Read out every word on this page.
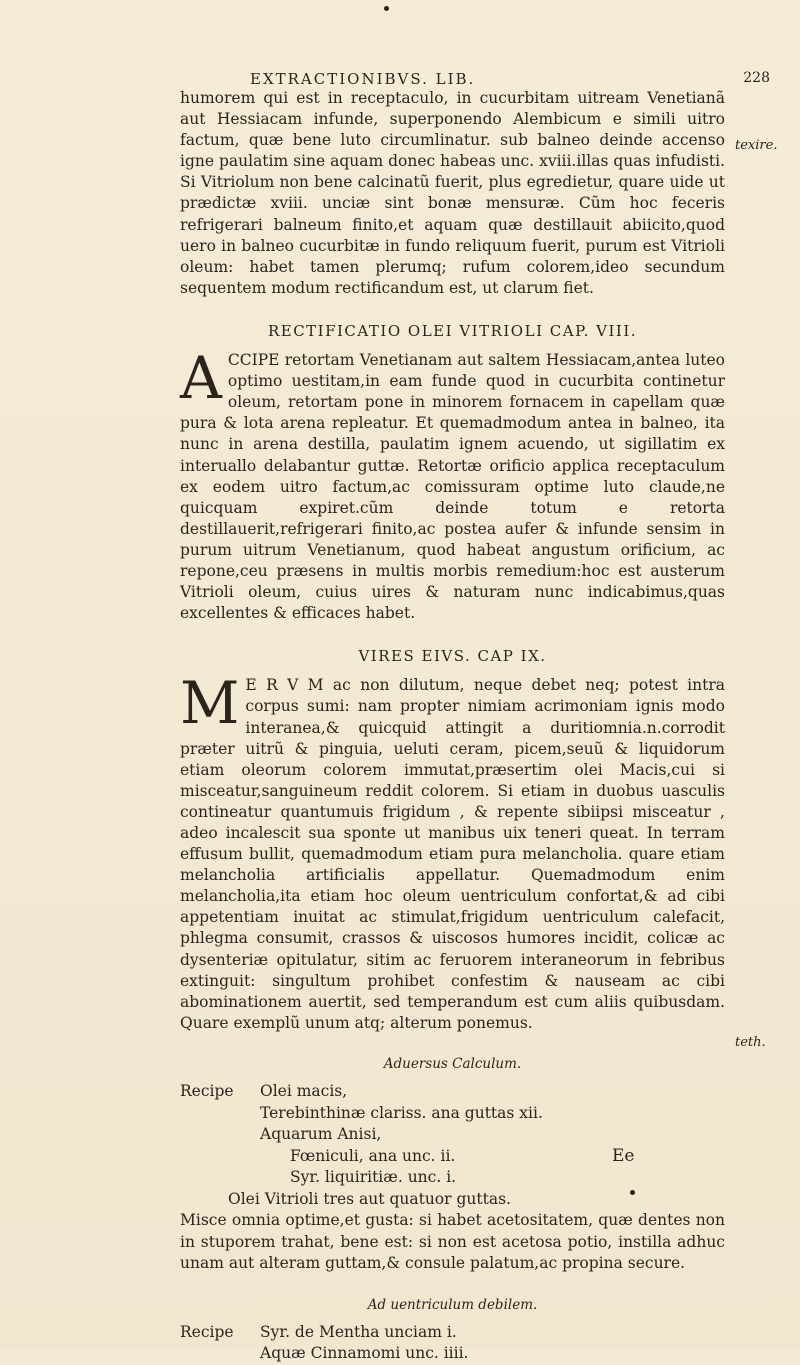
EXTRACTIONIBVS. LIB.	228

humorem qui est in receptaculo, in cucurbitam uitream Venetianã aut Hessiacam infunde, superponendo Alembicum e simili uitro factum, quæ bene luto circumlinatur. sub balneo deinde accenso igne paulatim sine aquam donec habeas unc. xviii.illas quas infudisti. Si Vitriolum non bene calcinatũ fuerit, plus egredietur, quare uide ut prædictæ xviii. unciæ sint bonæ mensuræ. Cũm hoc feceris refrigerari balneum finito,et aquam quæ destillauit abiicito,quod uero in balneo cucurbitæ in fundo reliquum fuerit, purum est Vitrioli oleum: habet tamen plerumq; rufum colorem,ideo secundum sequentem modum rectificandum est, ut clarum fiet.

RECTIFICATIO OLEI VITRIOLI CAP. VIII.

ACCIPE retortam Venetianam aut saltem Hessiacam,antea luteo optimo uestitam,in eam funde quod in cucurbita continetur oleum, retortam pone in minorem fornacem in capellam quæ pura & lota arena repleatur. Et quemadmodum antea in balneo, ita nunc in arena destilla, paulatim ignem acuendo, ut sigillatim ex interuallo delabantur guttæ. Retortæ orificio applica receptaculum ex eodem uitro factum,ac comissuram optime luto claude,ne quicquam expiret.cũm deinde totum e retorta destillauerit,refrigerari finito,ac postea aufer & infunde sensim in purum uitrum Venetianum, quod habeat angustum orificium, ac repone,ceu præsens in multis morbis remedium:hoc est austerum Vitrioli oleum, cuius uires & naturam nunc indicabimus,quas excellentes & efficaces habet.

VIRES EIVS. CAP IX.

M E R V M ac non dilutum, neque debet neq; potest intra corpus sumi: nam propter nimiam acrimoniam ignis modo interanea,& quicquid attingit a duritiomnia.n.corrodit præter uitrũ & pinguia, ueluti ceram, picem,seuũ & liquidorum etiam oleorum colorem immutat,præsertim olei Macis,cui si misceatur,sanguineum reddit colorem. Si etiam in duobus uasculis contineatur quantumuis frigidum , & repente sibiipsi misceatur , adeo incalescit sua sponte ut manibus uix teneri queat. In terram effusum bullit, quemadmodum etiam pura melancholia. quare etiam melancholia artificialis appellatur. Quemadmodum enim melancholia,ita etiam hoc oleum uentriculum confortat,& ad cibi appetentiam inuitat ac stimulat,frigidum uentriculum calefacit, phlegma consumit, crassos & uiscosos humores incidit, colicæ ac dysenteriæ opitulatur, sitim ac feruorem interaneorum in febribus extinguit: singultum prohibet confestim & nauseam ac cibi abominationem auertit, sed temperandum est cum aliis quibusdam. Quare exemplũ unum atq; alterum ponemus.

Aduersus Calculum.
Recipe	Olei macis,
Terebinthinæ clariss. ana guttas xii.
Aquarum Anisi,
Fœniculi, ana unc. ii.
Syr. liquiritiæ. unc. i.
Olei Vitrioli tres aut quatuor guttas.

Misce omnia optime,et gusta: si habet acetositatem, quæ dentes non in stuporem trahat, bene est: si non est acetosa potio, instilla adhuc unam aut alteram guttam,& consule palatum,ac propina secure.

Ad uentriculum debilem.
Recipe	Syr. de Mentha unciam i.
Aquæ Cinnamomi unc. iiii.
texire.
teth.
Ee
